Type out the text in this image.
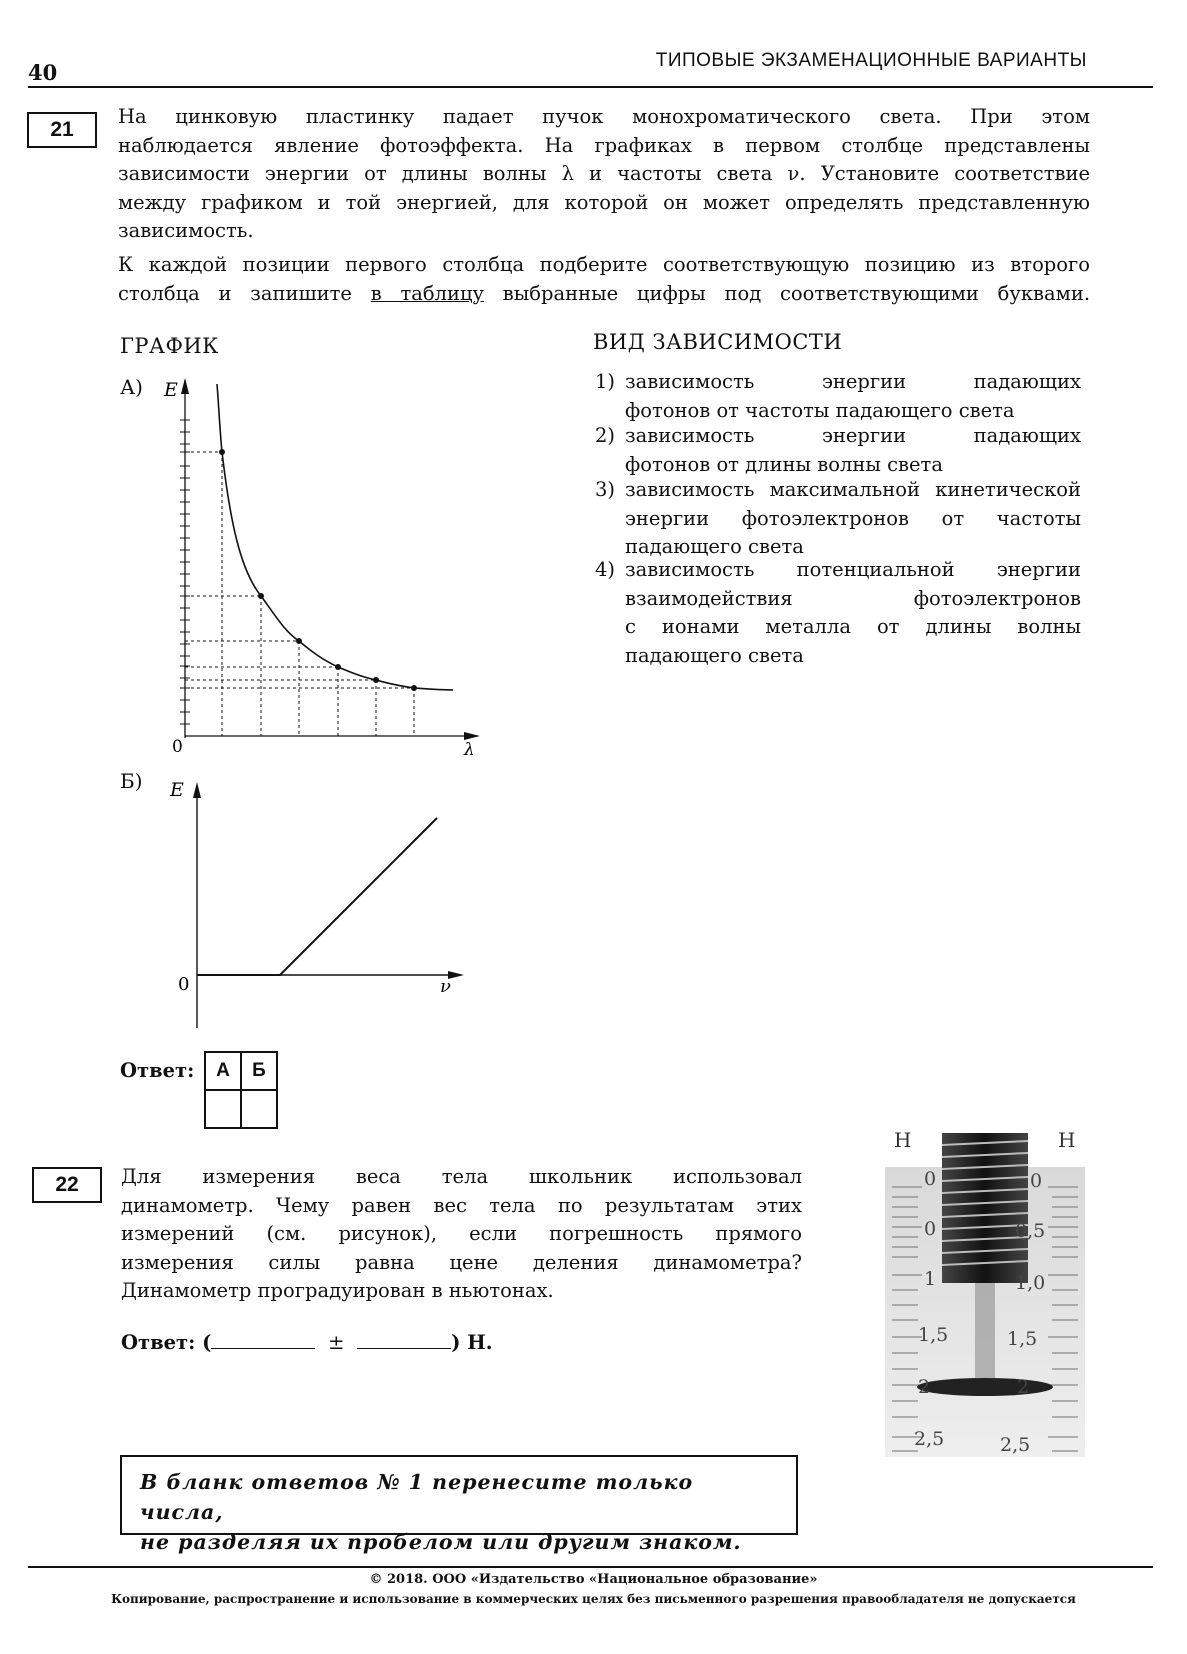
40	ТИПОВЫЕ ЭКЗАМЕНАЦИОННЫЕ ВАРИАНТЫ
21
На цинковую пластинку падает пучок монохроматического света. При этом
наблюдается явление фотоэффекта. На графиках в первом столбце представлены
зависимости энергии от длины волны λ и частоты света ν. Установите соответствие
между графиком и той энергией, для которой он может определять представленную
зависимость.
К каждой позиции первого столбца подберите соответствующую позицию из второго
столбца и запишите в таблицу выбранные цифры под соответствующими буквами.
ГРАФИК	ВИД ЗАВИСИМОСТИ
А) E
λ
0
Б) E
ν
0
1) зависимость энергии падающих
фотонов от частоты падающего света
2) зависимость энергии падающих
фотонов от длины волны света
3) зависимость максимальной кинетической
энергии фотоэлектронов от частоты
падающего света
4) зависимость потенциальной энергии
взаимодействия фотоэлектронов
с ионами металла от длины волны
падающего света
Ответ: А	Б

22	Для измерения веса тела школьник использовал
динамометр. Чему равен вес тела по результатам этих
измерений (см. рисунок), если погрешность прямого
измерения силы равна цене деления динамометра?
Динамометр проградуирован в ньютонах.
Ответ: (	±	) Н.
В бланк ответов № 1 перенесите только числа,
не разделяя их пробелом или другим знаком.
Н	Н
0
0
1
1,5
2
2,5
0
0,5
1,0
1,5
2
2,5
© 2018. ООО «Издательство «Национальное образование»
Копирование, распространение и использование в коммерческих целях без письменного разрешения правообладателя не допускается
